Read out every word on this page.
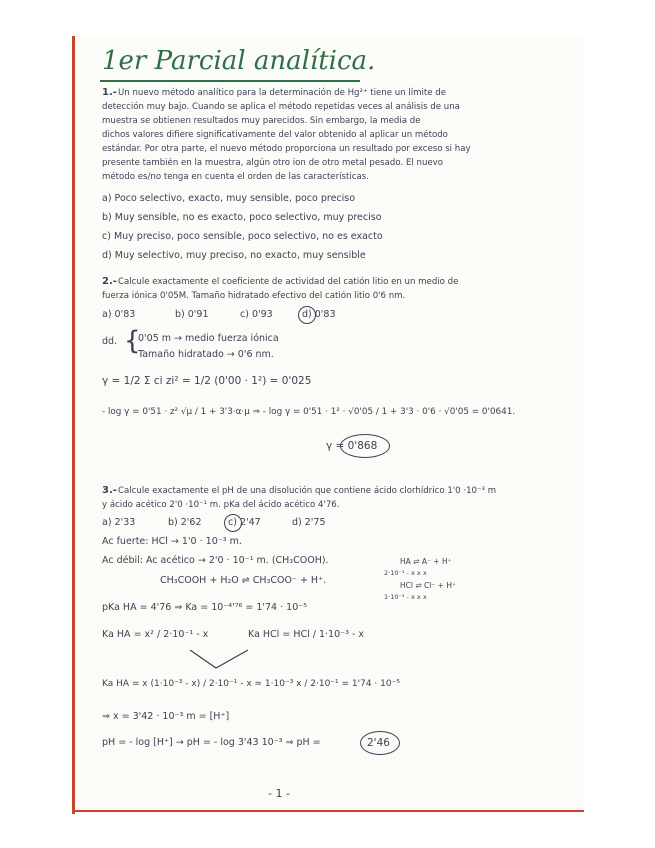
1er Parcial analítica.
1.- Un nuevo método analítico para la determinación de Hg²⁺ tiene un límite de
detección muy bajo. Cuando se aplica el método repetidas veces al análisis de una
muestra se obtienen resultados muy parecidos. Sin embargo, la media de
dichos valores difiere significativamente del valor obtenido al aplicar un método
estándar. Por otra parte, el nuevo método proporciona un resultado por exceso si hay
presente también en la muestra, algún otro ion de otro metal pesado. El nuevo
método es/no tenga en cuenta el orden de las características.
a) Poco selectivo, exacto, muy sensible, poco preciso
b) Muy sensible, no es exacto, poco selectivo, muy preciso
c) Muy preciso, poco sensible, poco selectivo, no es exacto
d) Muy selectivo, muy preciso, no exacto, muy sensible
2.- Calcule exactamente el coeficiente de actividad del catión litio en un medio de
fuerza iónica 0'05M. Tamaño hidratado efectivo del catión litio 0'6 nm.
a) 0'83	b) 0'91	c) 0'93	d) 0'83
dd. {
0'05 m → medio fuerza iónica
Tamaño hidratado → 0'6 nm.
γ = 1/2 Σ ci zi² = 1/2 (0'00 · 1²) = 0'025
- log γ = 0'51 · z² √μ / 1 + 3'3·α·μ ⇒ - log γ = 0'51 · 1² · √0'05 / 1 + 3'3 · 0'6 · √0'05 = 0'0641.
γ = 0'868
3.- Calcule exactamente el pH de una disolución que contiene ácido clorhídrico 1'0 ·10⁻³ m
y ácido acético 2'0 ·10⁻¹ m. pKa del ácido acético 4'76.
a) 2'33	b) 2'62	c) 2'47	d) 2'75
Ac fuerte: HCl → 1'0 · 10⁻³ m.
Ac débil: Ac acético → 2'0 · 10⁻¹ m. (CH₃COOH).
CH₃COOH + H₂O ⇌ CH₃COO⁻ + H⁺.
HA ⇌ A⁻ + H⁺
2·10⁻¹ - x x x
HCl ⇌ Cl⁻ + H⁺
1·10⁻³ - x x x
pKa HA = 4'76 ⇒ Ka = 10⁻⁴'⁷⁶ = 1'74 · 10⁻⁵
Ka HA = x² / 2·10⁻¹ - x	Ka HCl = HCl / 1·10⁻³ - x
Ka HA = x (1·10⁻³ - x) / 2·10⁻¹ - x ≃ 1·10⁻³ x / 2·10⁻¹ = 1'74 · 10⁻⁵
⇒ x = 3'42 · 10⁻³ m = [H⁺]
pH = - log [H⁺] → pH = - log 3'43 10⁻³ ⇒ pH =	2'46
- 1 -
